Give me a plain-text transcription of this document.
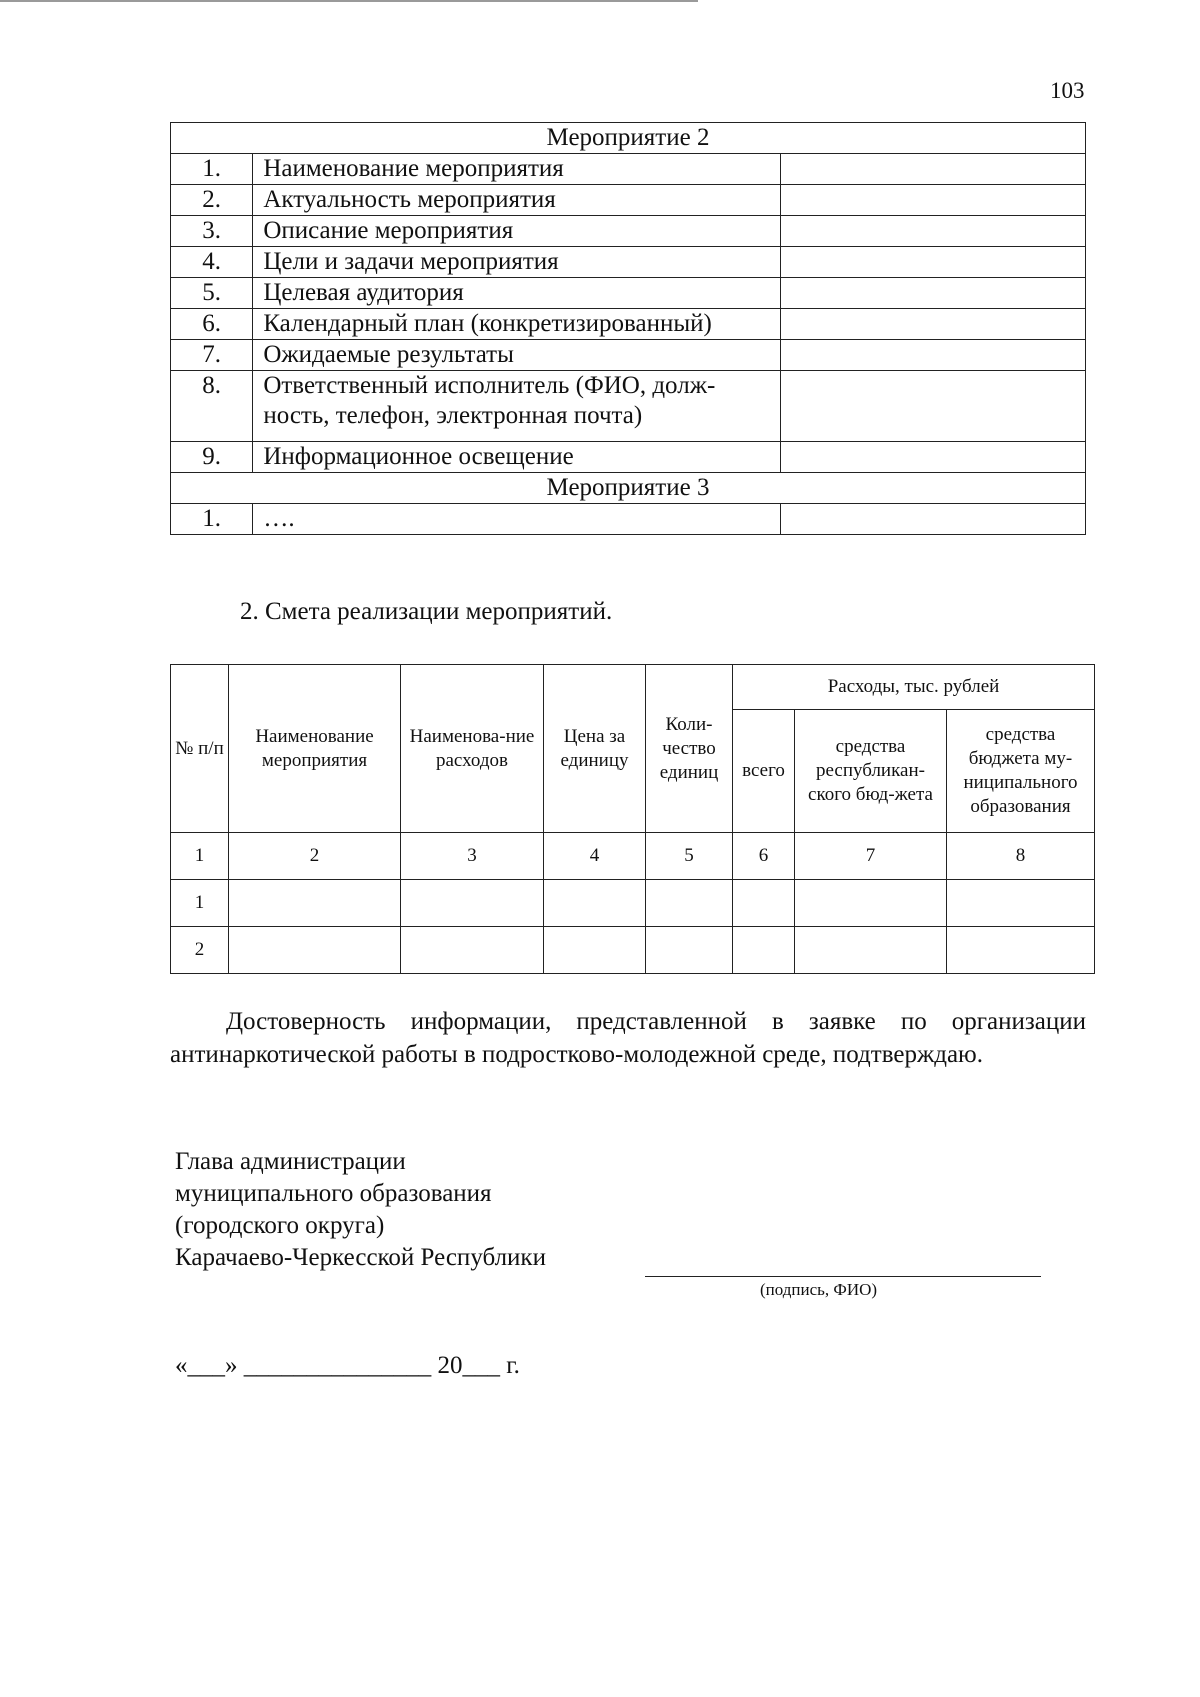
103
Мероприятие 2		
1.	Наименование мероприятия	
2.	Актуальность мероприятия	
3.	Описание мероприятия	
4.	Цели и задачи мероприятия	
5.	Целевая аудитория	
6.	Календарный план (конкретизированный)	
7.	Ожидаемые результаты	
8.	Ответственный исполнитель (ФИО, долж-ность, телефон, электронная почта)	
9.	Информационное освещение	
Мероприятие 3		
1.	….	
2. Смета реализации мероприятий.
№ п/п	Наименование мероприятия	Наименова-ние расходов	Цена за единицу	Коли-чество единиц	Расходы, тыс. рублей		
					всего	средства республикан-ского бюд-жета	средства бюджета му-ниципального образования
1	2	3	4	5	6	7	8
1							
2							

Достоверность информации, представленной в заявке по организации антинаркотической работы в подростково-молодежной среде, подтверждаю.

Глава администрации
муниципального образования
(городского округа)
Карачаево-Черкесской Республики
(подпись, ФИО)
«___» _______________ 20___ г.
